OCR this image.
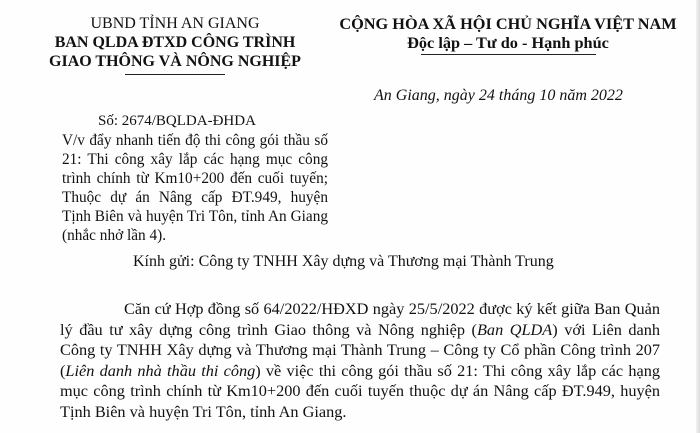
UBND TỈNH AN GIANG
BAN QLDA ĐTXD CÔNG TRÌNH
GIAO THÔNG VÀ NÔNG NGHIỆP
Số: 2674/BQLDA-ĐHDA
V/v đẩy nhanh tiến độ thi công gói thầu số 21: Thi công xây lắp các hạng mục công trình chính từ Km10+200 đến cuối tuyến; Thuộc dự án Nâng cấp ĐT.949, huyện Tịnh Biên và huyện Tri Tôn, tỉnh An Giang (nhắc nhở lần 4).
CỘNG HÒA XÃ HỘI CHỦ NGHĨA VIỆT NAM
Độc lập – Tư do - Hạnh phúc
An Giang, ngày 24 tháng 10 năm 2022
Kính gửi: Công ty TNHH Xây dựng và Thương mại Thành Trung
Căn cứ Hợp đồng số 64/2022/HĐXD ngày 25/5/2022 được ký kết giữa Ban Quản lý đầu tư xây dựng công trình Giao thông và Nông nghiệp (Ban QLDA) với Liên danh Công ty TNHH Xây dựng và Thương mại Thành Trung – Công ty Cổ phần Công trình 207 (Liên danh nhà thầu thi công) về việc thi công gói thầu số 21: Thi công xây lắp các hạng mục công trình chính từ Km10+200 đến cuối tuyến thuộc dự án Nâng cấp ĐT.949, huyện Tịnh Biên và huyện Tri Tôn, tỉnh An Giang.
